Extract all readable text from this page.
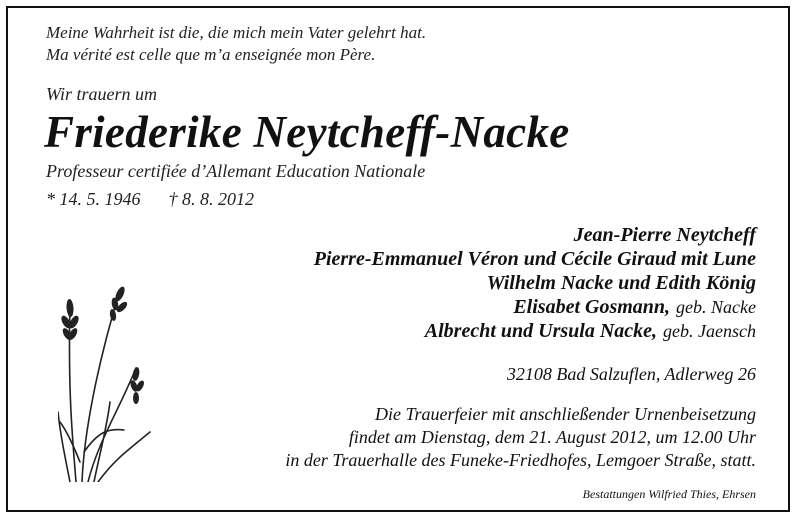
Meine Wahrheit ist die, die mich mein Vater gelehrt hat.
Ma vérité est celle que m’a enseignée mon Père.
Wir trauern um
Friederike Neytcheff-Nacke
Professeur certifiée d’Allemant Education Nationale
* 14. 5. 1946 † 8. 8. 2012
Jean-Pierre Neytcheff
Pierre-Emmanuel Véron und Cécile Giraud mit Lune
Wilhelm Nacke und Edith König
Elisabet Gosmann, geb. Nacke
Albrecht und Ursula Nacke, geb. Jaensch
32108 Bad Salzuflen, Adlerweg 26
Die Trauerfeier mit anschließender Urnenbeisetzung
findet am Dienstag, dem 21. August 2012, um 12.00 Uhr
in der Trauerhalle des Funeke-Friedhofes, Lemgoer Straße, statt.
Bestattungen Wilfried Thies, Ehrsen
